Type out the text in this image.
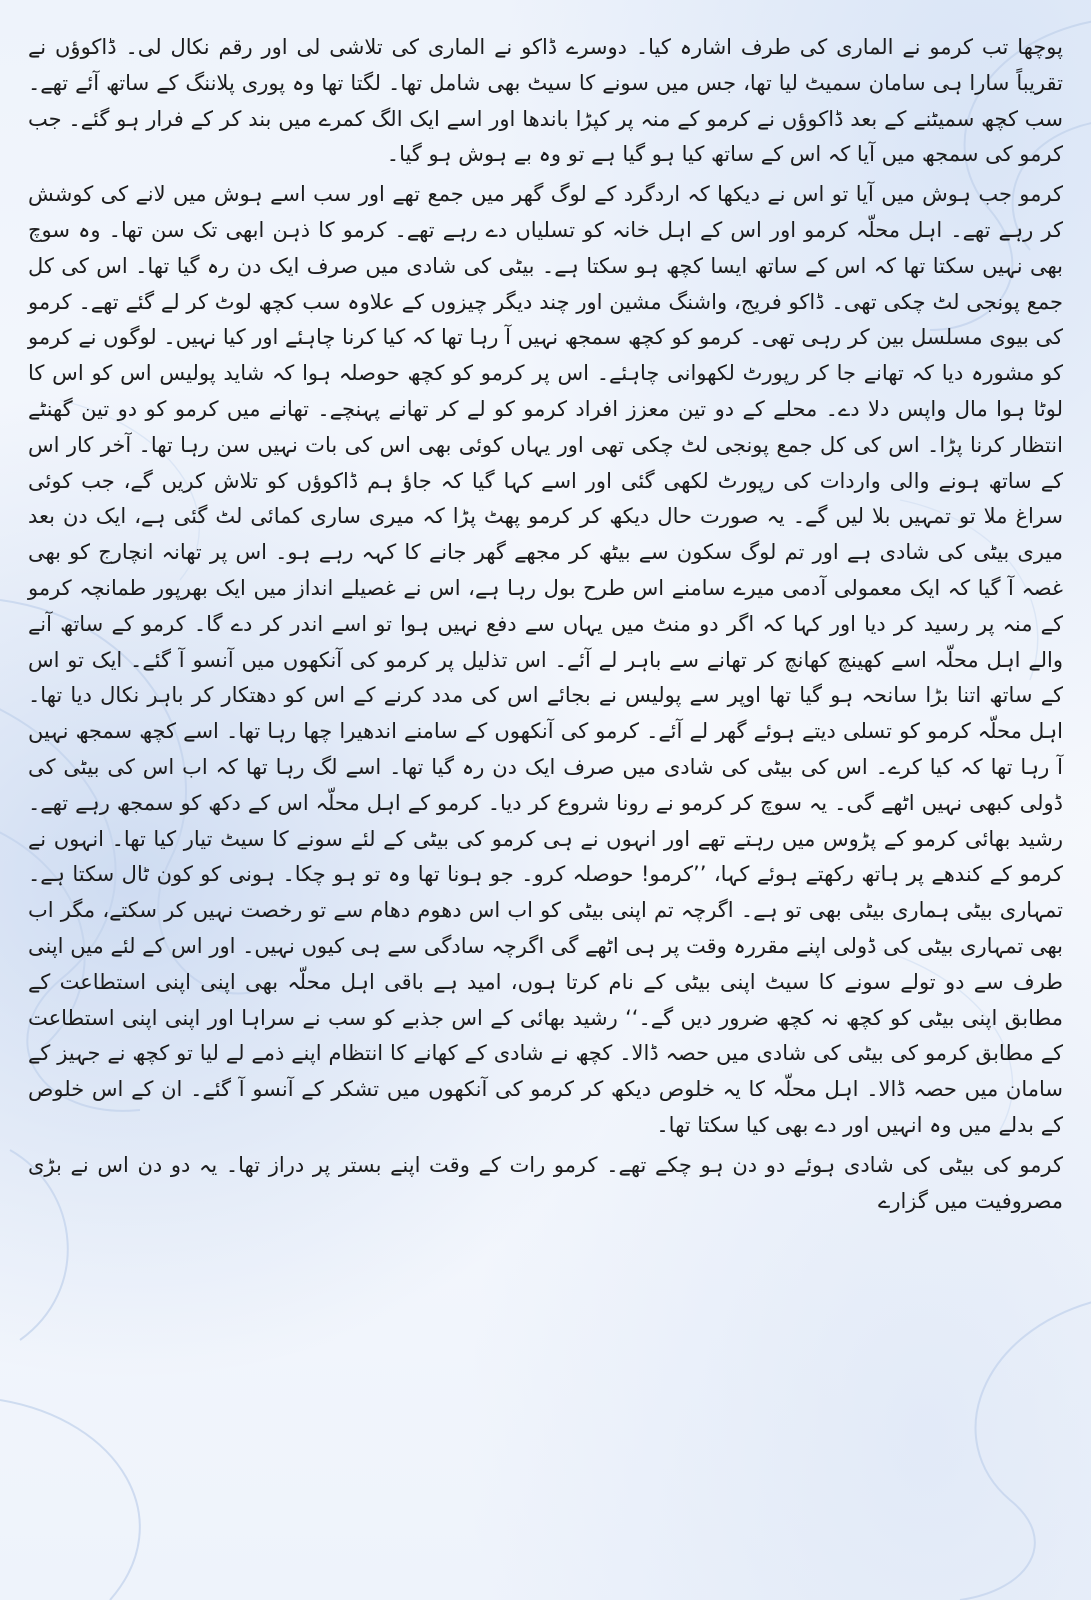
پوچھا تب کرمو نے الماری کی طرف اشارہ کیا۔ دوسرے ڈاکو نے الماری کی تلاشی لی اور رقم نکال لی۔ ڈاکوؤں نے تقریباً سارا ہی سامان سمیٹ لیا تھا، جس میں سونے کا سیٹ بھی شامل تھا۔ لگتا تھا وہ پوری پلاننگ کے ساتھ آئے تھے۔ سب کچھ سمیٹنے کے بعد ڈاکوؤں نے کرمو کے منہ پر کپڑا باندھا اور اسے ایک الگ کمرے میں بند کر کے فرار ہو گئے۔ جب کرمو کی سمجھ میں آیا کہ اس کے ساتھ کیا ہو گیا ہے تو وہ بے ہوش ہو گیا۔

کرمو جب ہوش میں آیا تو اس نے دیکھا کہ اردگرد کے لوگ گھر میں جمع تھے اور سب اسے ہوش میں لانے کی کوشش کر رہے تھے۔ اہل محلّہ کرمو اور اس کے اہل خانہ کو تسلیاں دے رہے تھے۔ کرمو کا ذہن ابھی تک سن تھا۔ وہ سوچ بھی نہیں سکتا تھا کہ اس کے ساتھ ایسا کچھ ہو سکتا ہے۔ بیٹی کی شادی میں صرف ایک دن رہ گیا تھا۔ اس کی کل جمع پونجی لٹ چکی تھی۔ ڈاکو فریج، واشنگ مشین اور چند دیگر چیزوں کے علاوہ سب کچھ لوٹ کر لے گئے تھے۔ کرمو کی بیوی مسلسل بین کر رہی تھی۔ کرمو کو کچھ سمجھ نہیں آ رہا تھا کہ کیا کرنا چاہئے اور کیا نہیں۔ لوگوں نے کرمو کو مشورہ دیا کہ تھانے جا کر رپورٹ لکھوانی چاہئے۔ اس پر کرمو کو کچھ حوصلہ ہوا کہ شاید پولیس اس کو اس کا لوٹا ہوا مال واپس دلا دے۔ محلے کے دو تین معزز افراد کرمو کو لے کر تھانے پہنچے۔ تھانے میں کرمو کو دو تین گھنٹے انتظار کرنا پڑا۔ اس کی کل جمع پونجی لٹ چکی تھی اور یہاں کوئی بھی اس کی بات نہیں سن رہا تھا۔ آخر کار اس کے ساتھ ہونے والی واردات کی رپورٹ لکھی گئی اور اسے کہا گیا کہ جاؤ ہم ڈاکوؤں کو تلاش کریں گے، جب کوئی سراغ ملا تو تمہیں بلا لیں گے۔ یہ صورت حال دیکھ کر کرمو پھٹ پڑا کہ میری ساری کمائی لٹ گئی ہے، ایک دن بعد میری بیٹی کی شادی ہے اور تم لوگ سکون سے بیٹھ کر مجھے گھر جانے کا کہہ رہے ہو۔ اس پر تھانہ انچارج کو بھی غصہ آ گیا کہ ایک معمولی آدمی میرے سامنے اس طرح بول رہا ہے، اس نے غصیلے انداز میں ایک بھرپور طمانچہ کرمو کے منہ پر رسید کر دیا اور کہا کہ اگر دو منٹ میں یہاں سے دفع نہیں ہوا تو اسے اندر کر دے گا۔ کرمو کے ساتھ آنے والے اہل محلّہ اسے کھینچ کھانچ کر تھانے سے باہر لے آئے۔ اس تذلیل پر کرمو کی آنکھوں میں آنسو آ گئے۔ ایک تو اس کے ساتھ اتنا بڑا سانحہ ہو گیا تھا اوپر سے پولیس نے بجائے اس کی مدد کرنے کے اس کو دھتکار کر باہر نکال دیا تھا۔ اہل محلّہ کرمو کو تسلی دیتے ہوئے گھر لے آئے۔ کرمو کی آنکھوں کے سامنے اندھیرا چھا رہا تھا۔ اسے کچھ سمجھ نہیں آ رہا تھا کہ کیا کرے۔ اس کی بیٹی کی شادی میں صرف ایک دن رہ گیا تھا۔ اسے لگ رہا تھا کہ اب اس کی بیٹی کی ڈولی کبھی نہیں اٹھے گی۔ یہ سوچ کر کرمو نے رونا شروع کر دیا۔ کرمو کے اہل محلّہ اس کے دکھ کو سمجھ رہے تھے۔ رشید بھائی کرمو کے پڑوس میں رہتے تھے اور انہوں نے ہی کرمو کی بیٹی کے لئے سونے کا سیٹ تیار کیا تھا۔ انہوں نے کرمو کے کندھے پر ہاتھ رکھتے ہوئے کہا، ’’کرمو! حوصلہ کرو۔ جو ہونا تھا وہ تو ہو چکا۔ ہونی کو کون ٹال سکتا ہے۔ تمہاری بیٹی ہماری بیٹی بھی تو ہے۔ اگرچہ تم اپنی بیٹی کو اب اس دھوم دھام سے تو رخصت نہیں کر سکتے، مگر اب بھی تمہاری بیٹی کی ڈولی اپنے مقررہ وقت پر ہی اٹھے گی اگرچہ سادگی سے ہی کیوں نہیں۔ اور اس کے لئے میں اپنی طرف سے دو تولے سونے کا سیٹ اپنی بیٹی کے نام کرتا ہوں، امید ہے باقی اہل محلّہ بھی اپنی اپنی استطاعت کے مطابق اپنی بیٹی کو کچھ نہ کچھ ضرور دیں گے۔‘‘ رشید بھائی کے اس جذبے کو سب نے سراہا اور اپنی اپنی استطاعت کے مطابق کرمو کی بیٹی کی شادی میں حصہ ڈالا۔ کچھ نے شادی کے کھانے کا انتظام اپنے ذمے لے لیا تو کچھ نے جہیز کے سامان میں حصہ ڈالا۔ اہل محلّہ کا یہ خلوص دیکھ کر کرمو کی آنکھوں میں تشکر کے آنسو آ گئے۔ ان کے اس خلوص کے بدلے میں وہ انہیں اور دے بھی کیا سکتا تھا۔

کرمو کی بیٹی کی شادی ہوئے دو دن ہو چکے تھے۔ کرمو رات کے وقت اپنے بستر پر دراز تھا۔ یہ دو دن اس نے بڑی مصروفیت میں گزارے
